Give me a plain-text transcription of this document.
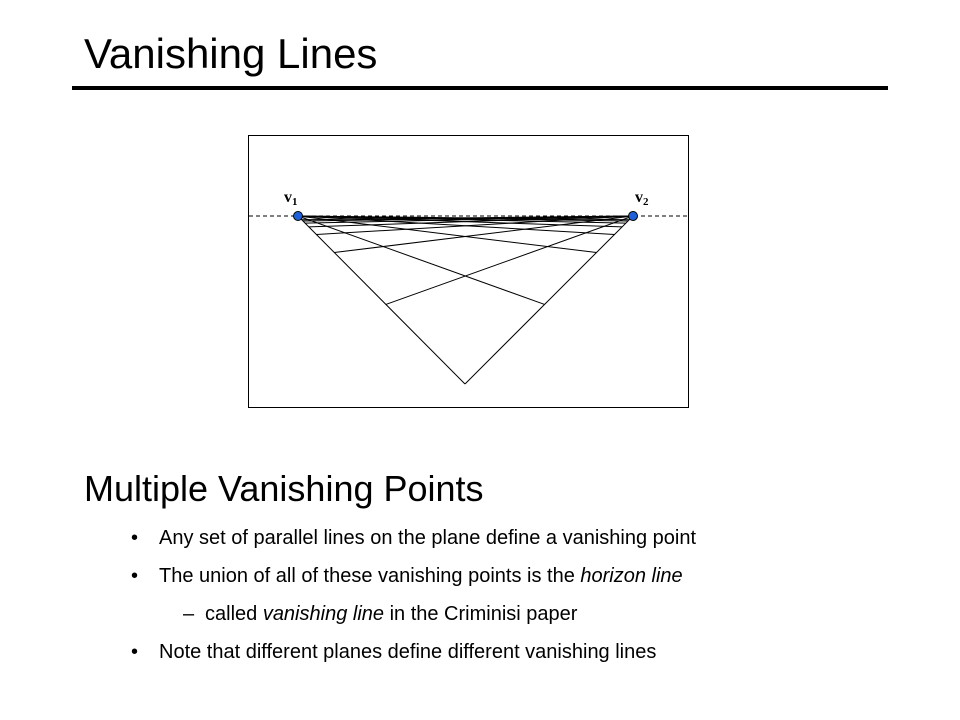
Vanishing Lines
$v_1$	$v_2$
Multiple Vanishing Points
• Any set of parallel lines on the plane define a vanishing point
• The union of all of these vanishing points is the horizon line
– called vanishing line in the Criminisi paper
• Note that different planes define different vanishing lines
